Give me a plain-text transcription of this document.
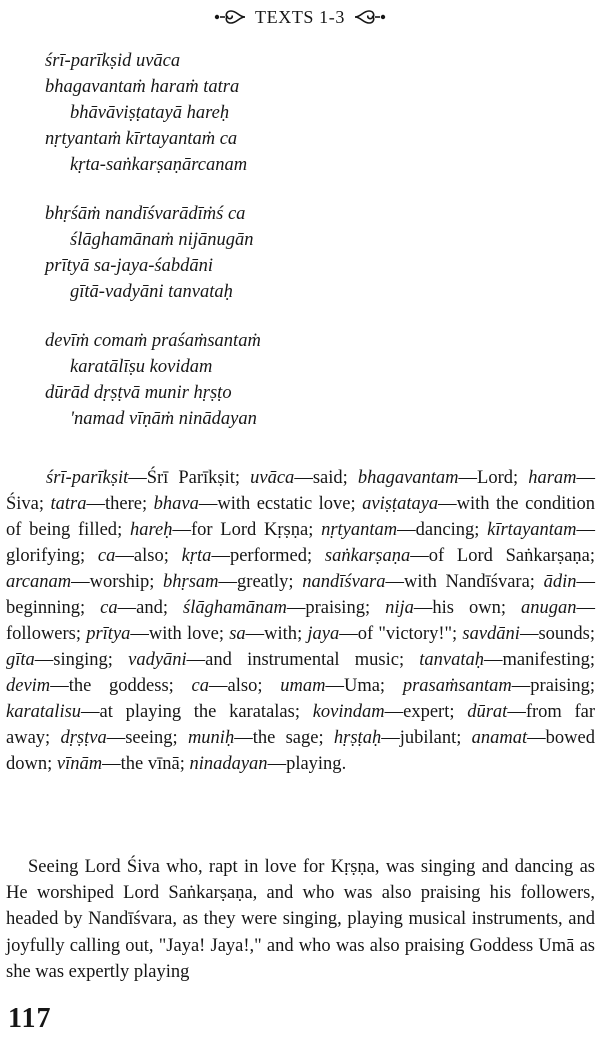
TEXTS 1-3
śrī-parīkṣid uvāca
bhagavantaṁ haraṁ tatra
bhāvāviṣṭatayā hareḥ
nṛtyantaṁ kīrtayantaṁ ca
kṛta-saṅkarṣaṇārcanam
bhṛśāṁ nandīśvarādīṁś ca
ślāghamānaṁ nijānugān
prītyā sa-jaya-śabdāni
gītā-vadyāni tanvataḥ
devīṁ comaṁ praśaṁsantaṁ
karatālīṣu kovidam
dūrād dṛṣṭvā munir hṛṣṭo
'namad vīṇāṁ ninādayan
śrī-parīkṣit—Śrī Parīkṣit; uvāca—said; bhagavantam—Lord; haram—Śiva; tatra—there; bhava—with ecstatic love; aviṣṭataya—with the condition of being filled; hareḥ—for Lord Kṛṣṇa; nṛtyantam—dancing; kīrtayantam—glorifying; ca—also; kṛta—performed; saṅkarṣaṇa—of Lord Saṅkarṣaṇa; arcanam—worship; bhṛsam—greatly; nandīśvara—with Nandīśvara; ādin—beginning; ca—and; ślāghamānam—praising; nija—his own; anugan—followers; prītya—with love; sa—with; jaya—of "victory!"; savdāni—sounds; gīta—singing; vadyāni—and instrumental music; tanvataḥ—manifesting; devim—the goddess; ca—also; umam—Uma; prasaṁsantam—praising; karatalisu—at playing the karatalas; kovindam—expert; dūrat—from far away; dṛṣṭva—seeing; muniḥ—the sage; hṛṣṭaḥ—jubilant; anamat—bowed down; vīnām—the vīnā; ninadayan—playing.
Seeing Lord Śiva who, rapt in love for Kṛṣṇa, was singing and dancing as He worshiped Lord Saṅkarṣaṇa, and who was also praising his followers, headed by Nandīśvara, as they were singing, playing musical instruments, and joyfully calling out, "Jaya! Jaya!," and who was also praising Goddess Umā as she was expertly playing
117
